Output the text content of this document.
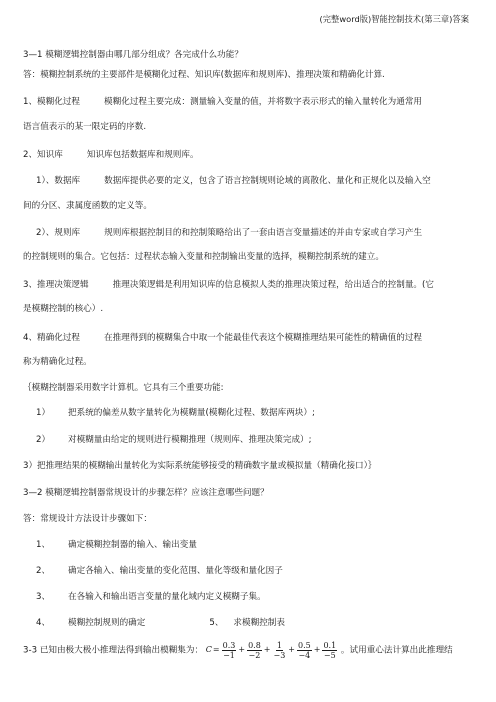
(完整word版)智能控制技术(第三章)答案
3—1 模糊逻辑控制器由哪几部分组成？各完成什么功能？
答：模糊控制系统的主要部件是模糊化过程、知识库(数据库和规则库)、推理决策和精确化计算.
1、模糊化过程	模糊化过程主要完成：测量输入变量的值，并将数字表示形式的输入量转化为通常用
语言值表示的某一限定码的序数.
2、知识库	知识库包括数据库和规则库。
1）、数据库	数据库提供必要的定义，包含了语言控制规则论域的离散化、量化和正规化以及输入空
间的分区、隶属度函数的定义等。
2）、规则库	规则库根据控制目的和控制策略给出了一套由语言变量描述的并由专家或自学习产生
的控制规则的集合。它包括：过程状态输入变量和控制输出变量的选择，模糊控制系统的建立。
3、推理决策逻辑	推理决策逻辑是利用知识库的信息模拟人类的推理决策过程，给出适合的控制量。(它
是模糊控制的核心）.
4、精确化过程	在推理得到的模糊集合中取一个能最佳代表这个模糊推理结果可能性的精确值的过程
称为精确化过程。
｛模糊控制器采用数字计算机。它具有三个重要功能:
1） 把系统的偏差从数字量转化为模糊量(模糊化过程、数据库两块）;
2） 对模糊量由给定的规则进行模糊推理（规则库、推理决策完成）;
3）把推理结果的模糊输出量转化为实际系统能够接受的精确数字量或模拟量（精确化接口）｝
3—2 模糊逻辑控制器常规设计的步骤怎样？应该注意哪些问题？
答：常规设计方法设计步骤如下：
1、 确定模糊控制器的输入、输出变量
2、 确定各输入、输出变量的变化范围、量化等级和量化因子
3、 在各输入和输出语言变量的量化域内定义模糊子集。
4、 模糊控制规则的确定	5、 求模糊控制表
3-3 已知由极大极小推理法得到输出模糊集为： $C = \frac{0.3}{-1} + \frac{0.8}{-2} + \frac{1}{-3} + \frac{0.5}{-4} + \frac{0.1}{-5}$ 。试用重心法计算出此推理结
